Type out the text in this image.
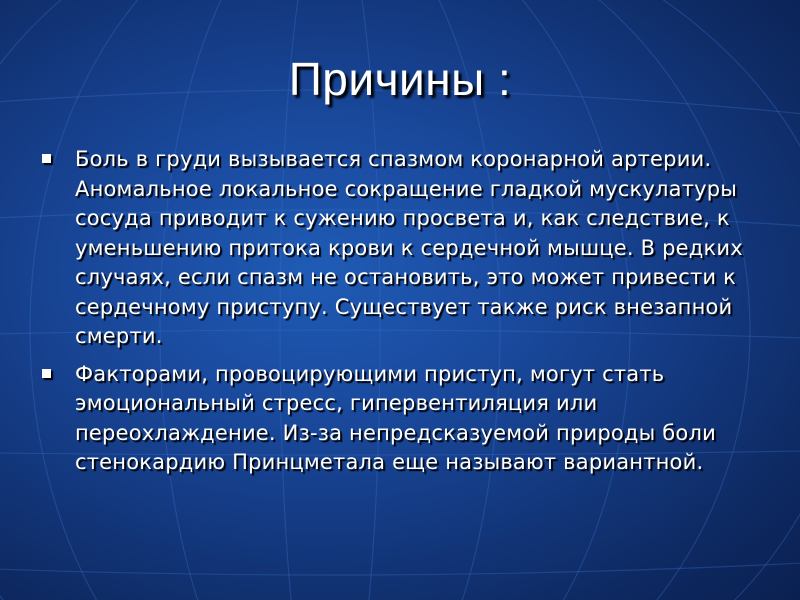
Причины :
Боль в груди вызывается спазмом коронарной артерии. Аномальное локальное сокращение гладкой мускулатуры сосуда приводит к сужению просвета и, как следствие, к уменьшению притока крови к сердечной мышце. В редких случаях, если спазм не остановить, это может привести к сердечному приступу. Существует также риск внезапной смерти.
Факторами, провоцирующими приступ, могут стать эмоциональный стресс, гипервентиляция или переохлаждение. Из-за непредсказуемой природы боли стенокардию Принцметала еще называют вариантной.
